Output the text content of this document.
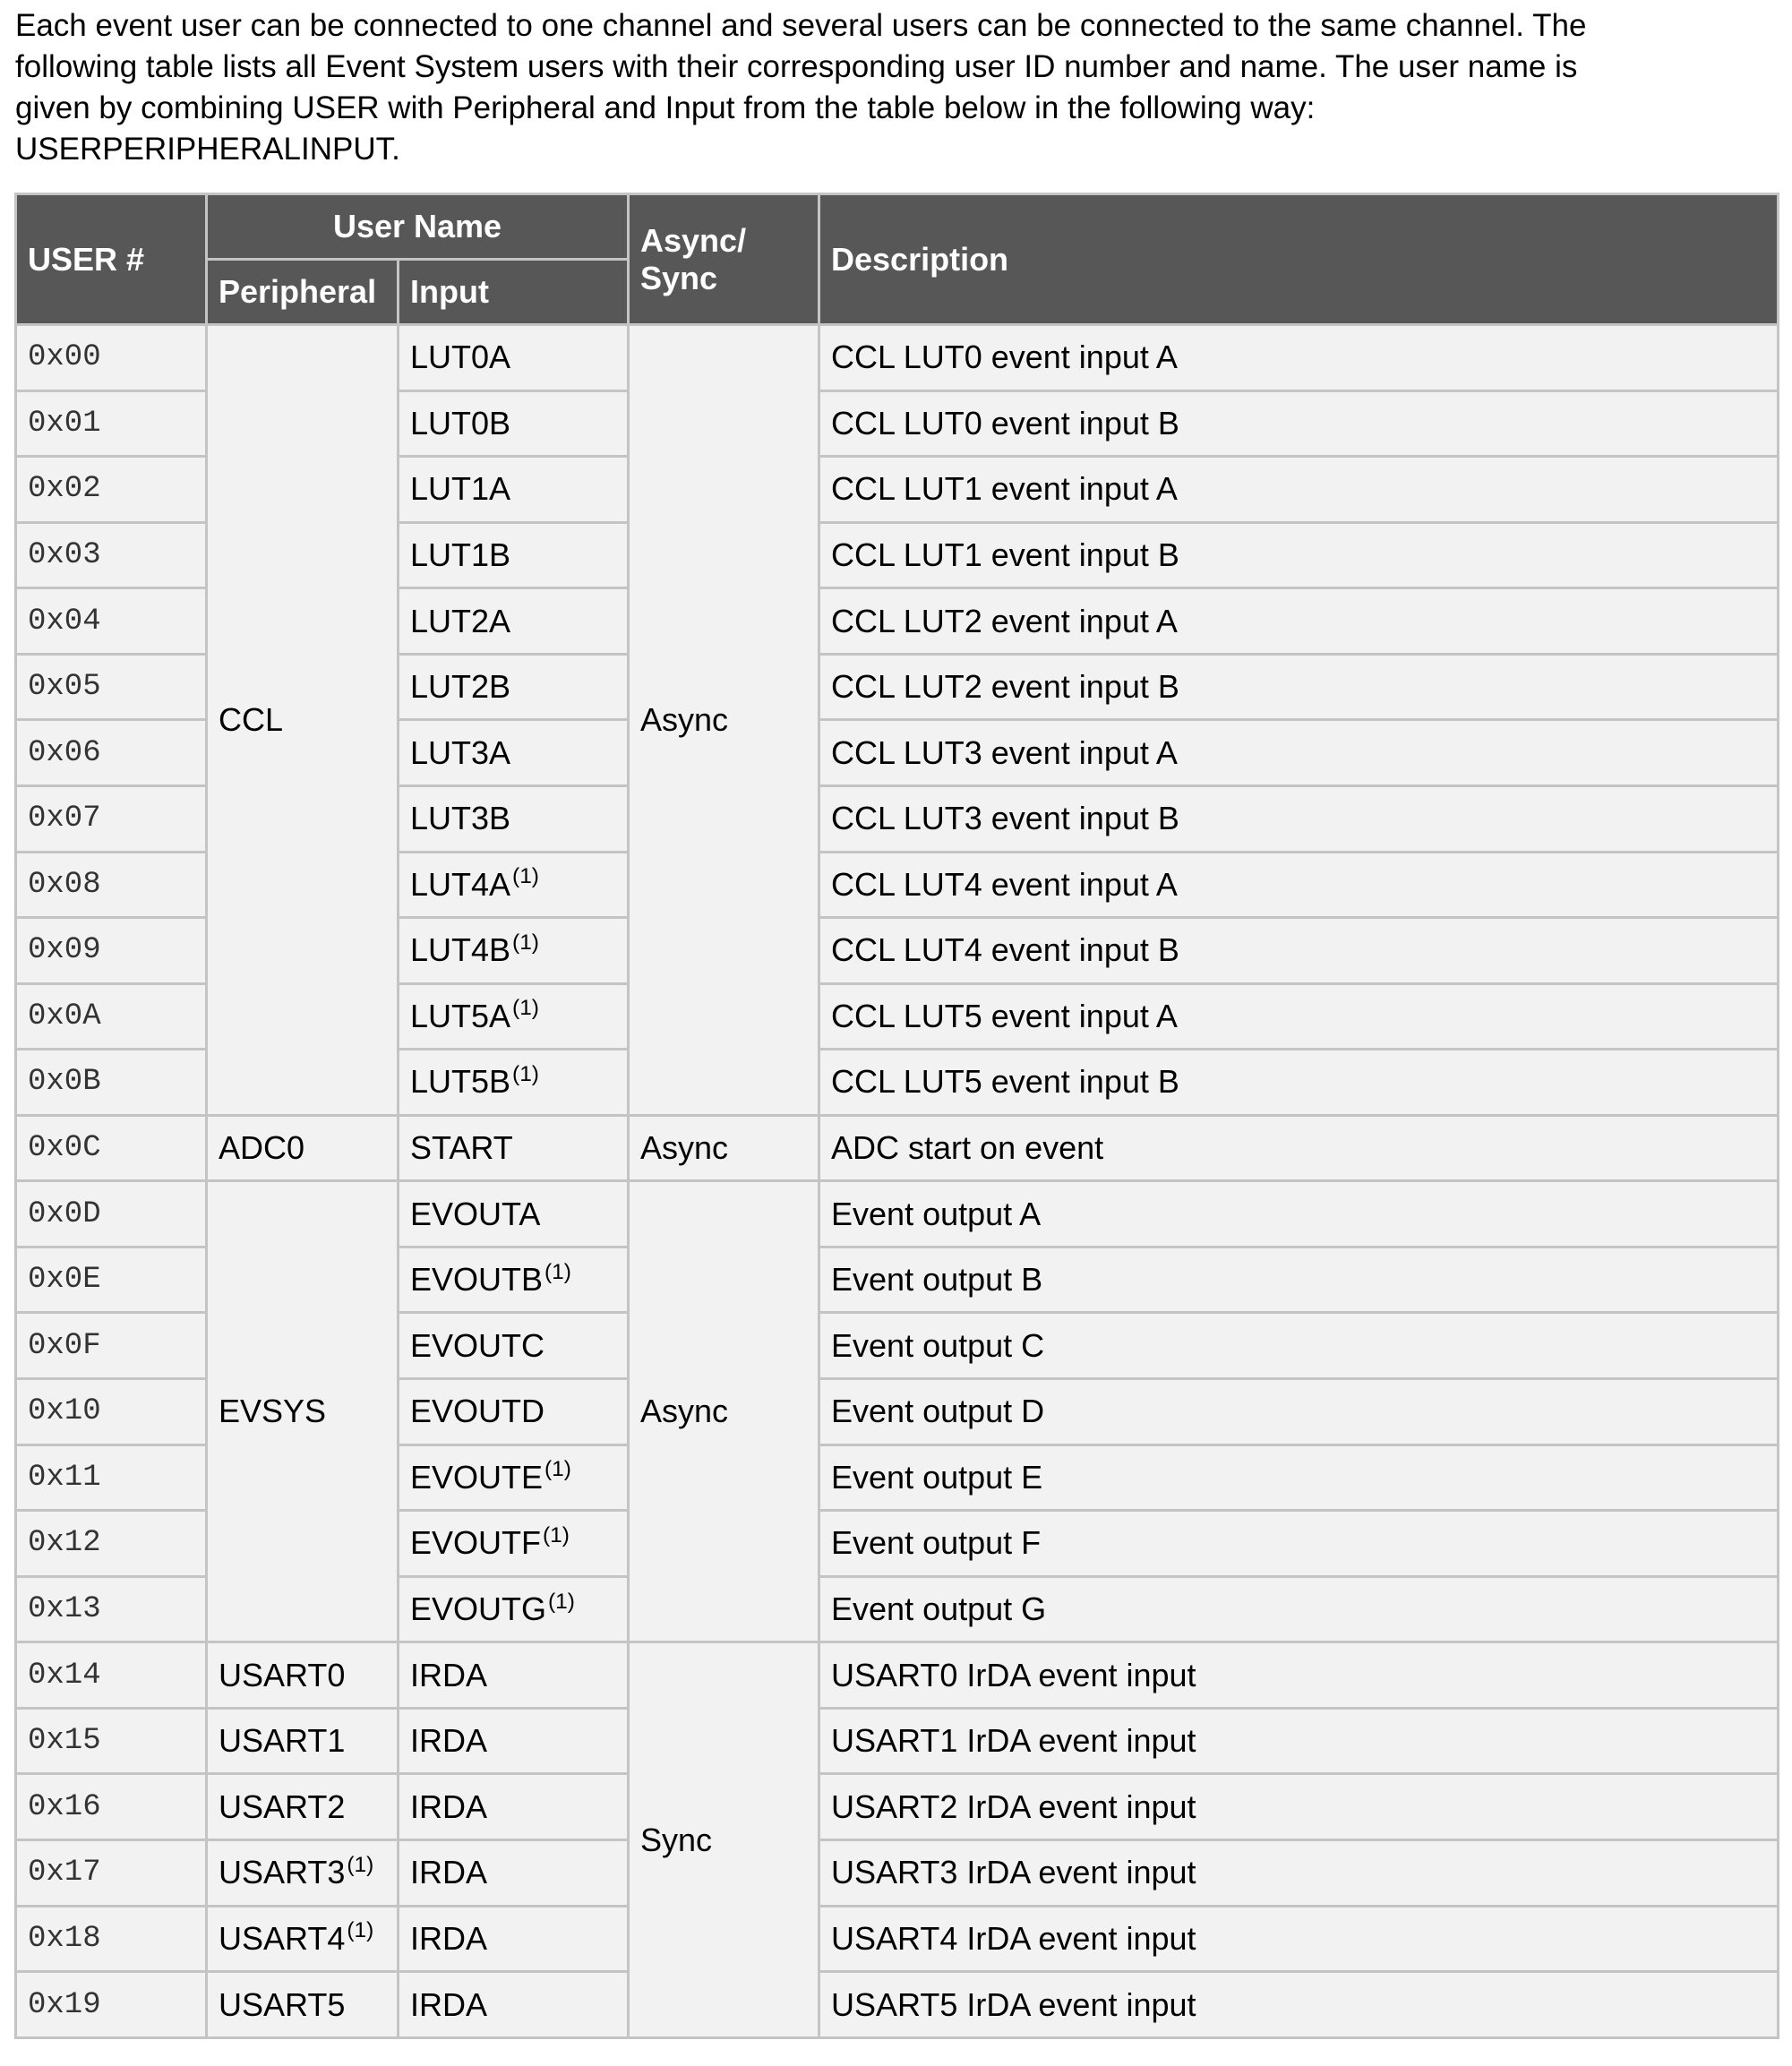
Each event user can be connected to one channel and several users can be connected to the same channel. The
following table lists all Event System users with their corresponding user ID number and name. The user name is
given by combining USER with Peripheral and Input from the table below in the following way:
USERPERIPHERALINPUT.

USER #	User Name		Async/
Sync	Description
	Peripheral	Input		
0x00	CCL	LUT0A	Async	CCL LUT0 event input A
0x01		LUT0B		CCL LUT0 event input B
0x02		LUT1A		CCL LUT1 event input A
0x03		LUT1B		CCL LUT1 event input B
0x04		LUT2A		CCL LUT2 event input A
0x05		LUT2B		CCL LUT2 event input B
0x06		LUT3A		CCL LUT3 event input A
0x07		LUT3B		CCL LUT3 event input B
0x08		$LUT4A^{(1)}$		CCL LUT4 event input A
0x09		$LUT4B^{(1)}$		CCL LUT4 event input B
0x0A		$LUT5A^{(1)}$		CCL LUT5 event input A
0x0B		$LUT5B^{(1)}$		CCL LUT5 event input B
0x0C	ADC0	START	Async	ADC start on event
0x0D	EVSYS	EVOUTA	Async	Event output A
0x0E		EVOUTB$^{(1)}$		Event output B
0x0F		EVOUTC		Event output C
0x10		EVOUTD		Event output D
0x11		EVOUTE$^{(1)}$		Event output E
0x12		EVOUTF$^{(1)}$		Event output F
0x13		EVOUTG$^{(1)}$		Event output G
0x14	USART0	IRDA	Sync	USART0 IrDA event input
0x15	USART1	IRDA		USART1 IrDA event input
0x16	USART2	IRDA		USART2 IrDA event input
0x17	USART3$^{(1)}$	IRDA		USART3 IrDA event input
0x18	USART4$^{(1)}$	IRDA		USART4 IrDA event input
0x19	USART5	IRDA		USART5 IrDA event input
